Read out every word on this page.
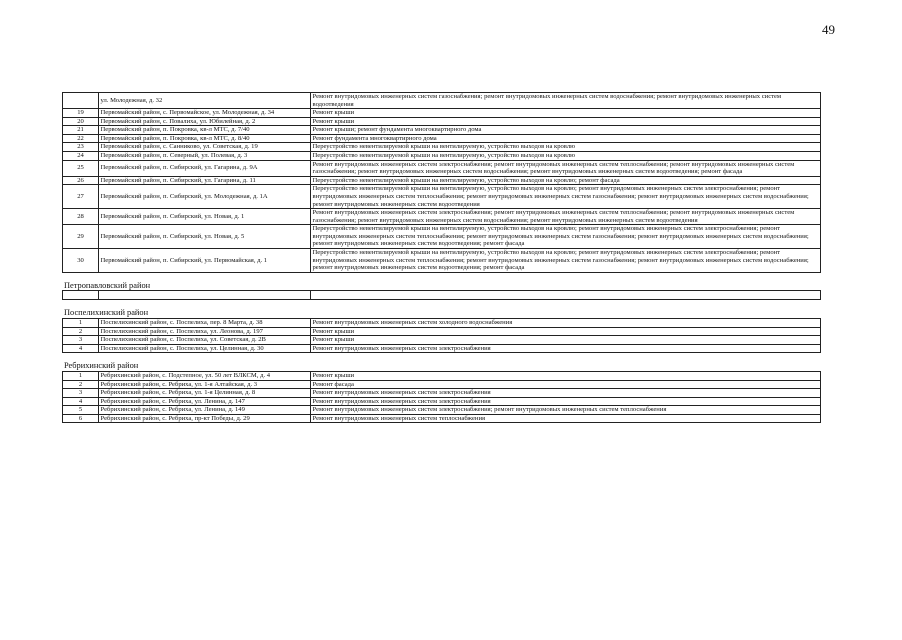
49
	ул. Молодежная, д. 32	Ремонт внутридомовых инженерных систем газоснабжения; ремонт внутридомовых инженерных систем водоснабжения; ремонт внутридомовых инженерных систем водоотведения
19	Первомайский район, с. Первомайское, ул. Молодежная, д. 34	Ремонт крыши
20	Первомайский район, с. Повалиха, ул. Юбилейная, д. 2	Ремонт крыши
21	Первомайский район, п. Покровка, кв-л МТС, д. 7/40	Ремонт крыши; ремонт фундамента многоквартирного дома
22	Первомайский район, п. Покровка, кв-л МТС, д. 8/40	Ремонт фундамента многоквартирного дома
23	Первомайский район, с. Санниково, ул. Советская, д. 19	Переустройство невентилируемой крыши на вентилируемую, устройство выходов на кровлю
24	Первомайский район, п. Северный, ул. Полевая, д. 3	Переустройство невентилируемой крыши на вентилируемую, устройство выходов на кровлю
25	Первомайский район, п. Сибирский, ул. Гагарина, д. 9А	Ремонт внутридомовых инженерных систем электроснабжения; ремонт внутридомовых инженерных систем теплоснабжения; ремонт внутридомовых инженерных систем газоснабжения; ремонт внутридомовых инженерных систем водоснабжения; ремонт внутридомовых инженерных систем водоотведения; ремонт фасада
26	Первомайский район, п. Сибирский, ул. Гагарина, д. 11	Переустройство невентилируемой крыши на вентилируемую, устройство выходов на кровлю; ремонт фасада
27	Первомайский район, п. Сибирский, ул. Молодежная, д. 1А	Переустройство невентилируемой крыши на вентилируемую, устройство выходов на кровлю; ремонт внутридомовых инженерных систем электроснабжения; ремонт внутридомовых инженерных систем теплоснабжения; ремонт внутридомовых инженерных систем газоснабжения; ремонт внутридомовых инженерных систем водоснабжения; ремонт внутридомовых инженерных систем водоотведения
28	Первомайский район, п. Сибирский, ул. Новая, д. 1	Ремонт внутридомовых инженерных систем электроснабжения; ремонт внутридомовых инженерных систем теплоснабжения; ремонт внутридомовых инженерных систем газоснабжения; ремонт внутридомовых инженерных систем водоснабжения; ремонт внутридомовых инженерных систем водоотведения
29	Первомайский район, п. Сибирский, ул. Новая, д. 5	Переустройство невентилируемой крыши на вентилируемую, устройство выходов на кровлю; ремонт внутридомовых инженерных систем электроснабжения; ремонт внутридомовых инженерных систем теплоснабжения; ремонт внутридомовых инженерных систем газоснабжения; ремонт внутридомовых инженерных систем водоснабжения; ремонт внутридомовых инженерных систем водоотведения; ремонт фасада
30	Первомайский район, п. Сибирский, ул. Первомайская, д. 1	Переустройство невентилируемой крыши на вентилируемую, устройство выходов на кровлю; ремонт внутридомовых инженерных систем электроснабжения; ремонт внутридомовых инженерных систем теплоснабжения; ремонт внутридомовых инженерных систем газоснабжения; ремонт внутридомовых инженерных систем водоснабжения; ремонт внутридомовых инженерных систем водоотведения; ремонт фасада
Петропавловский район		

Поспелихинский район		
1	Поспелихинский район, с. Поспелиха, пер. 8 Марта, д. 38	Ремонт внутридомовых инженерных систем холодного водоснабжения
2	Поспелихинский район, с. Поспелиха, ул. Леонова, д. 197	Ремонт крыши
3	Поспелихинский район, с. Поспелиха, ул. Советская, д. 2В	Ремонт крыши
4	Поспелихинский район, с. Поспелиха, ул. Целинная, д. 30	Ремонт внутридомовых инженерных систем электроснабжения
Ребрихинский район		
1	Ребрихинский район, с. Подстепное, ул. 50 лет ВЛКСМ, д. 4	Ремонт крыши
2	Ребрихинский район, с. Ребриха, ул. 1-я Алтайская, д. 3	Ремонт фасада
3	Ребрихинский район, с. Ребриха, ул. 1-я Целинная, д. 8	Ремонт внутридомовых инженерных систем электроснабжения
4	Ребрихинский район, с. Ребриха, ул. Ленина, д. 147	Ремонт внутридомовых инженерных систем электроснабжения
5	Ребрихинский район, с. Ребриха, ул. Ленина, д. 149	Ремонт внутридомовых инженерных систем электроснабжения; ремонт внутридомовых инженерных систем теплоснабжения
6	Ребрихинский район, с. Ребриха, пр-кт Победы, д. 29	Ремонт внутридомовых инженерных систем теплоснабжения
